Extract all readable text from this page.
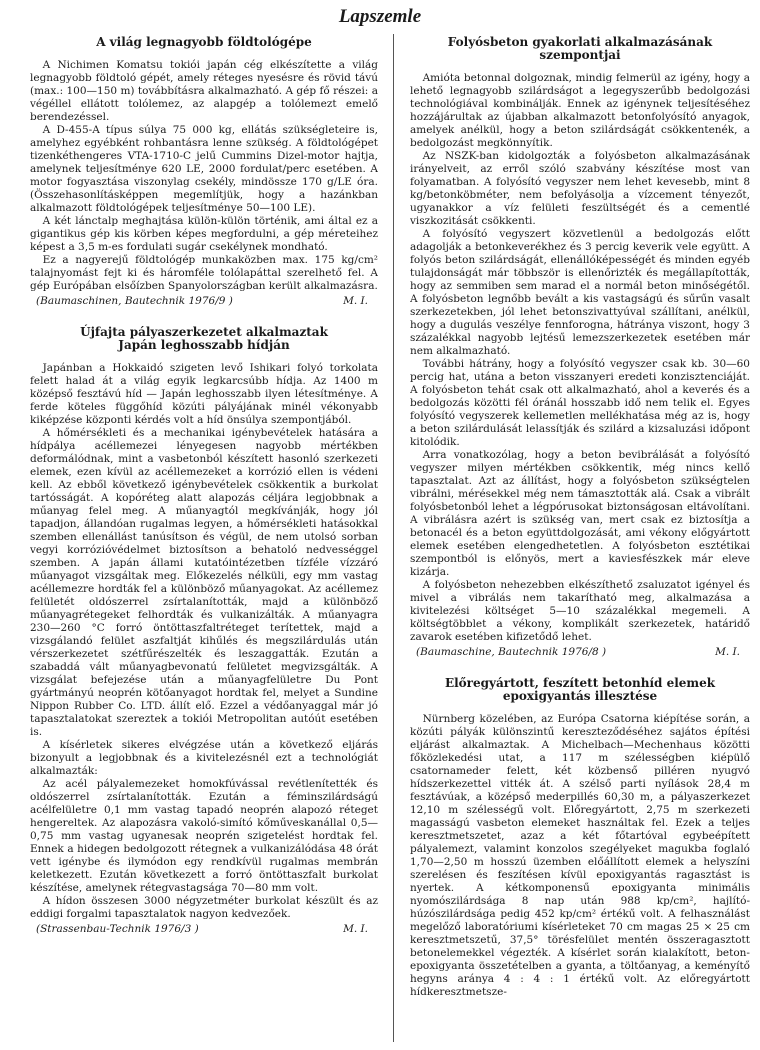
Lapszemle
A világ legnagyobb földtológépe

A Nichimen Komatsu tokiói japán cég elkészítette a világ legnagyobb földtoló gépét, amely réteges nyesésre és rövid távú (max.: 100—150 m) továbbításra alkalmazható. A gép fő részei: a végéllel ellátott tolólemez, az alapgép a tolólemezt emelő berendezéssel.

A D-455-A típus súlya 75 000 kg, ellátás szükségleteire is, amelyhez egyébként rohbantásra lenne szükség. A földtológépet tizenkéthengeres VTA-1710-C jelű Cummins Dizel-motor hajtja, amelynek teljesítménye 620 LE, 2000 fordulat/perc esetében. A motor fogyasztása viszonylag csekély, mindössze 170 g/LE óra. (Összehasonlításképpen megemlítjük, hogy a hazánkban alkalmazott földtológépek teljesítménye 50—100 LE).

A két lánctalp meghajtása külön-külön történik, ami által ez a gigantikus gép kis körben képes megfordulni, a gép méreteihez képest a 3,5 m-es fordulati sugár csekélynek mondható.

Ez a nagyerejű földtológép munkaközben max. 175 kg/cm² talajnyomást fejt ki és háromféle tolólapáttal szerelhető fel. A gép Európában elsőízben Spanyolországban került alkalmazásra.

(Baumaschinen, Bautechnik 1976/9 )	M. I.
Újfajta pályaszerkezetet alkalmaztak
Japán leghosszabb hídján

Japánban a Hokkaidó szigeten levő Ishikari folyó torkolata felett halad át a világ egyik legkarcsúbb hídja. Az 1400 m középső fesztávú híd — Japán leghosszabb ilyen létesítménye. A ferde köteles függőhíd közúti pályájának minél vékonyabb kiképzése központi kérdés volt a híd önsúlya szempontjából.

A hőmérsékleti és a mechanikai igénybevételek hatására a hídpálya acéllemezei lényegesen nagyobb mértékben deformálódnak, mint a vasbetonból készített hasonló szerkezeti elemek, ezen kívül az acéllemezeket a korrózió ellen is védeni kell. Az ebből következő igénybevételek csökkentik a burkolat tartósságát. A kopóréteg alatt alapozás céljára legjobbnak a műanyag felel meg. A műanyagtól megkívánják, hogy jól tapadjon, állandóan rugalmas legyen, a hőmérsékleti hatásokkal szemben ellenállást tanúsítson és végül, de nem utolsó sorban vegyi korrózióvédelmet biztosítson a behatoló nedvességgel szemben. A japán állami kutatóintézetben tízféle vízzáró műanyagot vizsgáltak meg. Előkezelés nélküli, egy mm vastag acéllemezre hordták fel a különböző műanyagokat. Az acéllemez felületét oldószerrel zsírtalanították, majd a különböző műanyagrétegeket felhordták és vulkanizálták. A műanyagra 230—260 °C forró öntöttaszfaltréteget terítettek, majd a vizsgálandó felület aszfaltját kihűlés és megszilárdulás után vérszerkezetet szétfűrészelték és leszaggatták. Ezután a szabaddá vált műanyagbevonatú felületet megvizsgálták. A vizsgálat befejezése után a műanyagfelületre Du Pont gyártmányú neoprén kötőanyagot hordtak fel, melyet a Sundine Nippon Rubber Co. LTD. állít elő. Ezzel a védőanyaggal már jó tapasztalatokat szereztek a tokiói Metropolitan autóút esetében is.

A kísérletek sikeres elvégzése után a következő eljárás bizonyult a legjobbnak és a kivitelezésnél ezt a technológiát alkalmazták:

Az acél pályalemezeket homokfúvással revétlenítették és oldószerrel zsírtalanították. Ezután a féminszilárdságú acélfelületre 0,1 mm vastag tapadó neoprén alapozó réteget hengereltek. Az alapozásra vakoló-simító kőműveskanállal 0,5—0,75 mm vastag ugyanesak neoprén szigetelést hordtak fel. Ennek a hidegen bedolgozott rétegnek a vulkanizálódása 48 órát vett igénybe és ilymódon egy rendkívül rugalmas membrán keletkezett. Ezután következett a forró öntöttaszfalt burkolat készítése, amelynek rétegvastagsága 70—80 mm volt.

A hídon összesen 3000 négyzetméter burkolat készült és az eddigi forgalmi tapasztalatok nagyon kedvezőek.

(Strassenbau-Technik 1976/3 )	M. I.
Folyósbeton gyakorlati alkalmazásának szempontjai

Amióta betonnal dolgoznak, mindig felmerül az igény, hogy a lehető legnagyobb szilárdságot a legegyszerűbb bedolgozási technológiával kombinálják. Ennek az igénynek teljesítéséhez hozzájárultak az újabban alkalmazott betonfolyósító anyagok, amelyek anélkül, hogy a beton szilárdságát csökkentenék, a bedolgozást megkönnyítik.

Az NSZK-ban kidolgozták a folyósbeton alkalmazásának irányelveit, az erről szóló szabvány készítése most van folyamatban. A folyósító vegyszer nem lehet kevesebb, mint 8 kg/betonköbméter, nem befolyásolja a vízcement tényezőt, ugyanakkor a víz felületi feszültségét és a cementlé viszkozitását csökkenti.

A folyósító vegyszert közvetlenül a bedolgozás előtt adagolják a betonkeverékhez és 3 percig keverik vele együtt. A folyós beton szilárdságát, ellenállóképességét és minden egyéb tulajdonságát már többször is ellenőrizték és megállapították, hogy az semmiben sem marad el a normál beton minőségétől. A folyósbeton legnőbb bevált a kis vastagságú és sűrűn vasalt szerkezetekben, jól lehet betonszivattyúval szállítani, anélkül, hogy a dugulás veszélye fennforogna, hátránya viszont, hogy 3 százalékkal nagyobb lejtésű lemezszerkezetek esetében már nem alkalmazható.

További hátrány, hogy a folyósító vegyszer csak kb. 30—60 percig hat, utána a beton visszanyeri eredeti konzisztenciáját. A folyósbeton tehát csak ott alkalmazható, ahol a keverés és a bedolgozás közötti fél óránál hosszabb idő nem telik el. Egyes folyósító vegyszerek kellemetlen mellékhatása még az is, hogy a beton szilárdulását lelassítják és szilárd a kizsaluzási időpont kitolódik.

Arra vonatkozólag, hogy a beton bevibrálását a folyósító vegyszer milyen mértékben csökkentik, még nincs kellő tapasztalat. Azt az állítást, hogy a folyósbeton szükségtelen vibrálni, mérésekkel még nem támasztották alá. Csak a vibrált folyósbetonból lehet a légpórusokat biztonságosan eltávolítani. A vibrálásra azért is szükség van, mert csak ez biztosítja a betonacél és a beton együttdolgozását, ami vékony előgyártott elemek esetében elengedhetetlen. A folyósbeton esztétikai szempontból is előnyös, mert a kaviesfészkek már eleve kizárja.

A folyósbeton nehezebben elkészíthető zsaluzatot igényel és mivel a vibrálás nem takarítható meg, alkalmazása a kivitelezési költséget 5—10 százalékkal megemeli. A költségtöbblet a vékony, komplikált szerkezetek, határidő zavarok esetében kifizetődő lehet.

(Baumaschine, Bautechnik 1976/8 )	M. I.
Előregyártott, feszített betonhíd elemek
epoxigyantás illesztése

Nürnberg közelében, az Európa Csatorna kiépítése során, a közúti pályák különszintű kereszteződéséhez sajátos építési eljárást alkalmaztak. A Michelbach—Mechenhaus közötti főközlekedési utat, a 117 m szélességben kiépülő csatornameder felett, két közbenső pilléren nyugvó hídszerkezettel vitték át. A szélső parti nyílások 28,4 m fesztávúak, a középső mederpillés 60,30 m, a pályaszerkezet 12,10 m szélességű volt. Előregyártott, 2,75 m szerkezeti magasságú vasbeton elemeket használtak fel. Ezek a teljes keresztmetszetet, azaz a két főtartóval egybeépített pályalemezt, valamint konzolos szegélyeket magukba foglaló 1,70—2,50 m hosszú üzemben előállított elemek a helyszíni szerelésen és feszítésen kívül epoxigyantás ragasztást is nyertek. A kétkomponensű epoxigyanta minimális nyomószilárdsága 8 nap után 988 kp/cm², hajlító-húzószilárdsága pedig 452 kp/cm² értékű volt. A felhasználást megelőző laboratóriumi kísérleteket 70 cm magas 25 × 25 cm keresztmetszetű, 37,5° törésfelület mentén összeragasztott betonelemekkel végezték. A kísérlet során kialakított, beton-epoxigyanta összetételben a gyanta, a töltőanyag, a keményítő hegyns aránya 4 : 4 : 1 értékű volt. Az előregyártott hídkeresztmetsze-
